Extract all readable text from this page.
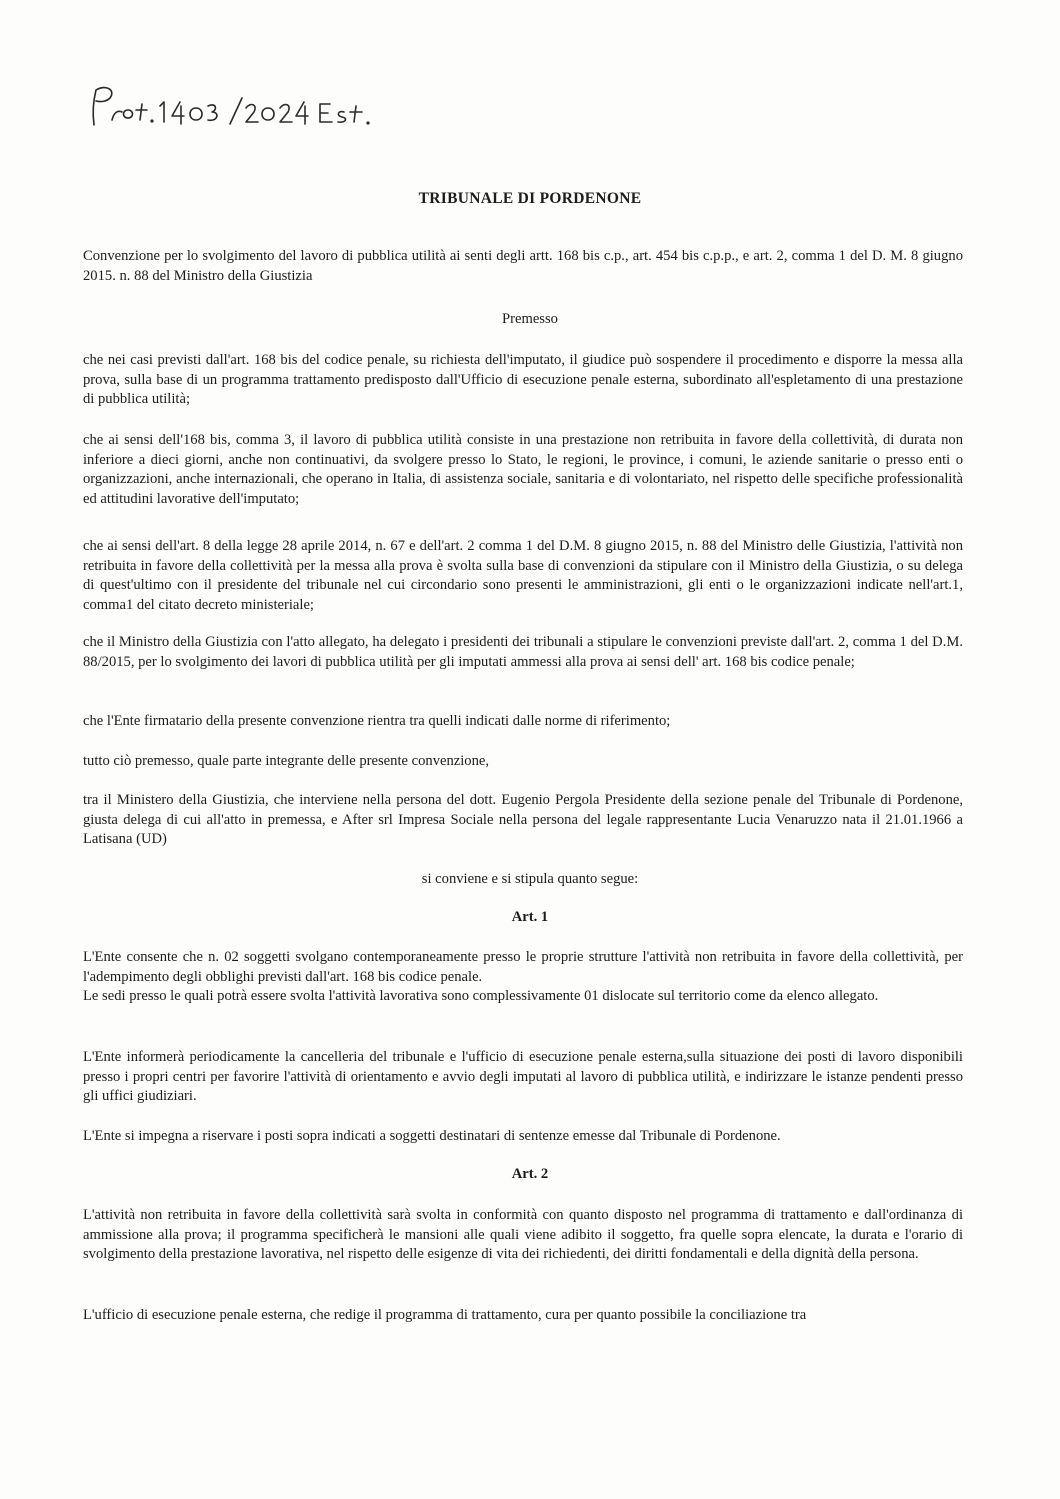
TRIBUNALE DI PORDENONE
Convenzione per lo svolgimento del lavoro di pubblica utilità ai senti degli artt. 168 bis c.p., art. 454 bis c.p.p., e art. 2, comma 1 del D. M. 8 giugno 2015. n. 88 del Ministro della Giustizia
Premesso
che nei casi previsti dall'art. 168 bis del codice penale, su richiesta dell'imputato, il giudice può sospendere il procedimento e disporre la messa alla prova, sulla base di un programma trattamento predisposto dall'Ufficio di esecuzione penale esterna, subordinato all'espletamento di una prestazione di pubblica utilità;
che ai sensi dell'168 bis, comma 3, il lavoro di pubblica utilità consiste in una prestazione non retribuita in favore della collettività, di durata non inferiore a dieci giorni, anche non continuativi, da svolgere presso lo Stato, le regioni, le province, i comuni, le aziende sanitarie o presso enti o organizzazioni, anche internazionali, che operano in Italia, di assistenza sociale, sanitaria e di volontariato, nel rispetto delle specifiche professionalità ed attitudini lavorative dell'imputato;
che ai sensi dell'art. 8 della legge 28 aprile 2014, n. 67 e dell'art. 2 comma 1 del D.M. 8 giugno 2015, n. 88 del Ministro delle Giustizia, l'attività non retribuita in favore della collettività per la messa alla prova è svolta sulla base di convenzioni da stipulare con il Ministro della Giustizia, o su delega di quest'ultimo con il presidente del tribunale nel cui circondario sono presenti le amministrazioni, gli enti o le organizzazioni indicate nell'art.1, comma1 del citato decreto ministeriale;
che il Ministro della Giustizia con l'atto allegato, ha delegato i presidenti dei tribunali a stipulare le convenzioni previste dall'art. 2, comma 1 del D.M. 88/2015, per lo svolgimento dei lavori di pubblica utilità per gli imputati ammessi alla prova ai sensi dell' art. 168 bis codice penale;
che l'Ente firmatario della presente convenzione rientra tra quelli indicati dalle norme di riferimento;
tutto ciò premesso, quale parte integrante delle presente convenzione,
tra il Ministero della Giustizia, che interviene nella persona del dott. Eugenio Pergola Presidente della sezione penale del Tribunale di Pordenone, giusta delega di cui all'atto in premessa, e After srl Impresa Sociale nella persona del legale rappresentante Lucia Venaruzzo nata il 21.01.1966 a Latisana (UD)
si conviene e si stipula quanto segue:
Art. 1
L'Ente consente che n. 02 soggetti svolgano contemporaneamente presso le proprie strutture l'attività non retribuita in favore della collettività, per l'adempimento degli obblighi previsti dall'art. 168 bis codice penale.
Le sedi presso le quali potrà essere svolta l'attività lavorativa sono complessivamente 01 dislocate sul territorio come da elenco allegato.
L'Ente informerà periodicamente la cancelleria del tribunale e l'ufficio di esecuzione penale esterna,sulla situazione dei posti di lavoro disponibili presso i propri centri per favorire l'attività di orientamento e avvio degli imputati al lavoro di pubblica utilità, e indirizzare le istanze pendenti presso gli uffici giudiziari.
L'Ente si impegna a riservare i posti sopra indicati a soggetti destinatari di sentenze emesse dal Tribunale di Pordenone.
Art. 2
L'attività non retribuita in favore della collettività sarà svolta in conformità con quanto disposto nel programma di trattamento e dall'ordinanza di ammissione alla prova; il programma specificherà le mansioni alle quali viene adibito il soggetto, fra quelle sopra elencate, la durata e l'orario di svolgimento della prestazione lavorativa, nel rispetto delle esigenze di vita dei richiedenti, dei diritti fondamentali e della dignità della persona.
L'ufficio di esecuzione penale esterna, che redige il programma di trattamento, cura per quanto possibile la conciliazione tra
